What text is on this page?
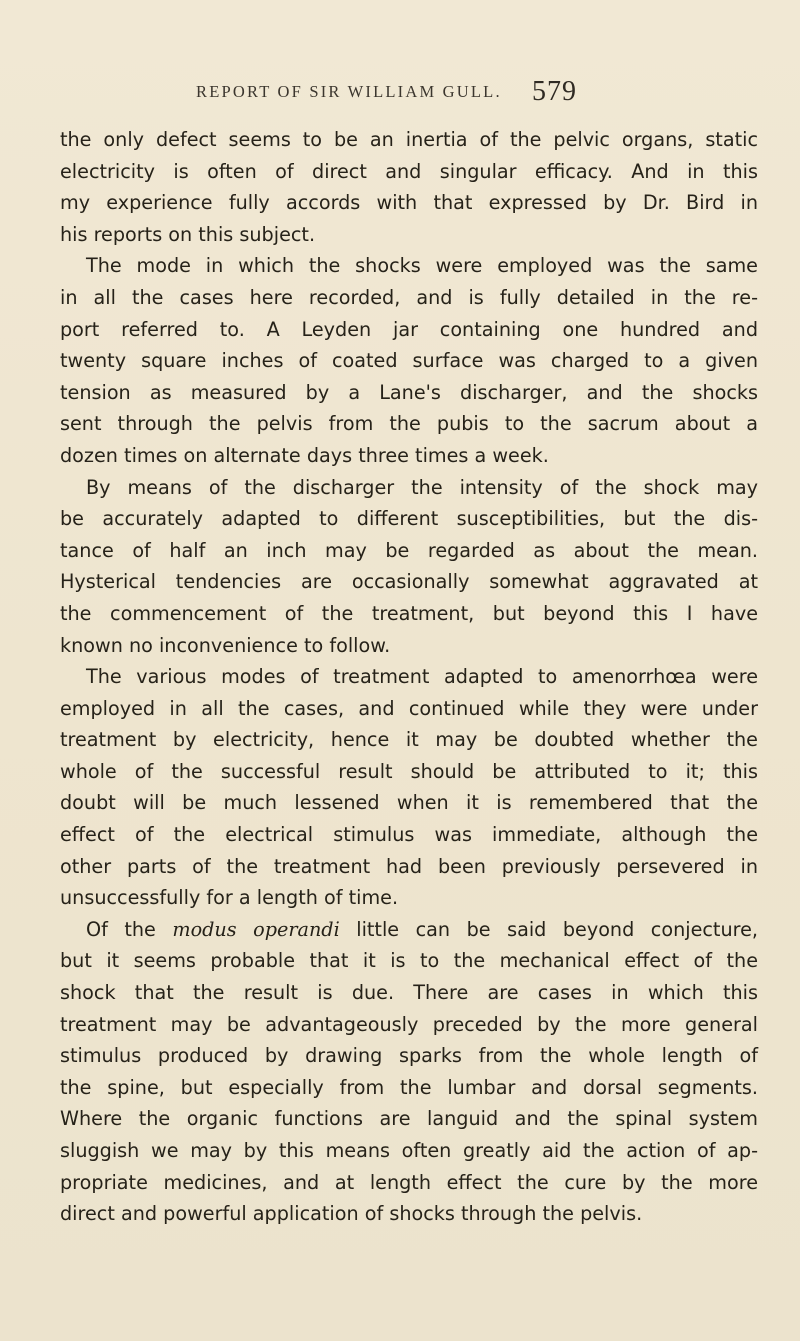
REPORT OF SIR WILLIAM GULL. 579
the only defect seems to be an inertia of the pelvic organs, static
electricity is often of direct and singular efficacy. And in this
my experience fully accords with that expressed by Dr. Bird in
his reports on this subject.
The mode in which the shocks were employed was the same
in all the cases here recorded, and is fully detailed in the re-
port referred to. A Leyden jar containing one hundred and
twenty square inches of coated surface was charged to a given
tension as measured by a Lane's discharger, and the shocks
sent through the pelvis from the pubis to the sacrum about a
dozen times on alternate days three times a week.
By means of the discharger the intensity of the shock may
be accurately adapted to different susceptibilities, but the dis-
tance of half an inch may be regarded as about the mean.
Hysterical tendencies are occasionally somewhat aggravated at
the commencement of the treatment, but beyond this I have
known no inconvenience to follow.
The various modes of treatment adapted to amenorrhœa were
employed in all the cases, and continued while they were under
treatment by electricity, hence it may be doubted whether the
whole of the successful result should be attributed to it; this
doubt will be much lessened when it is remembered that the
effect of the electrical stimulus was immediate, although the
other parts of the treatment had been previously persevered in
unsuccessfully for a length of time.
Of the modus operandi little can be said beyond conjecture,
but it seems probable that it is to the mechanical effect of the
shock that the result is due. There are cases in which this
treatment may be advantageously preceded by the more general
stimulus produced by drawing sparks from the whole length of
the spine, but especially from the lumbar and dorsal segments.
Where the organic functions are languid and the spinal system
sluggish we may by this means often greatly aid the action of ap-
propriate medicines, and at length effect the cure by the more
direct and powerful application of shocks through the pelvis.
